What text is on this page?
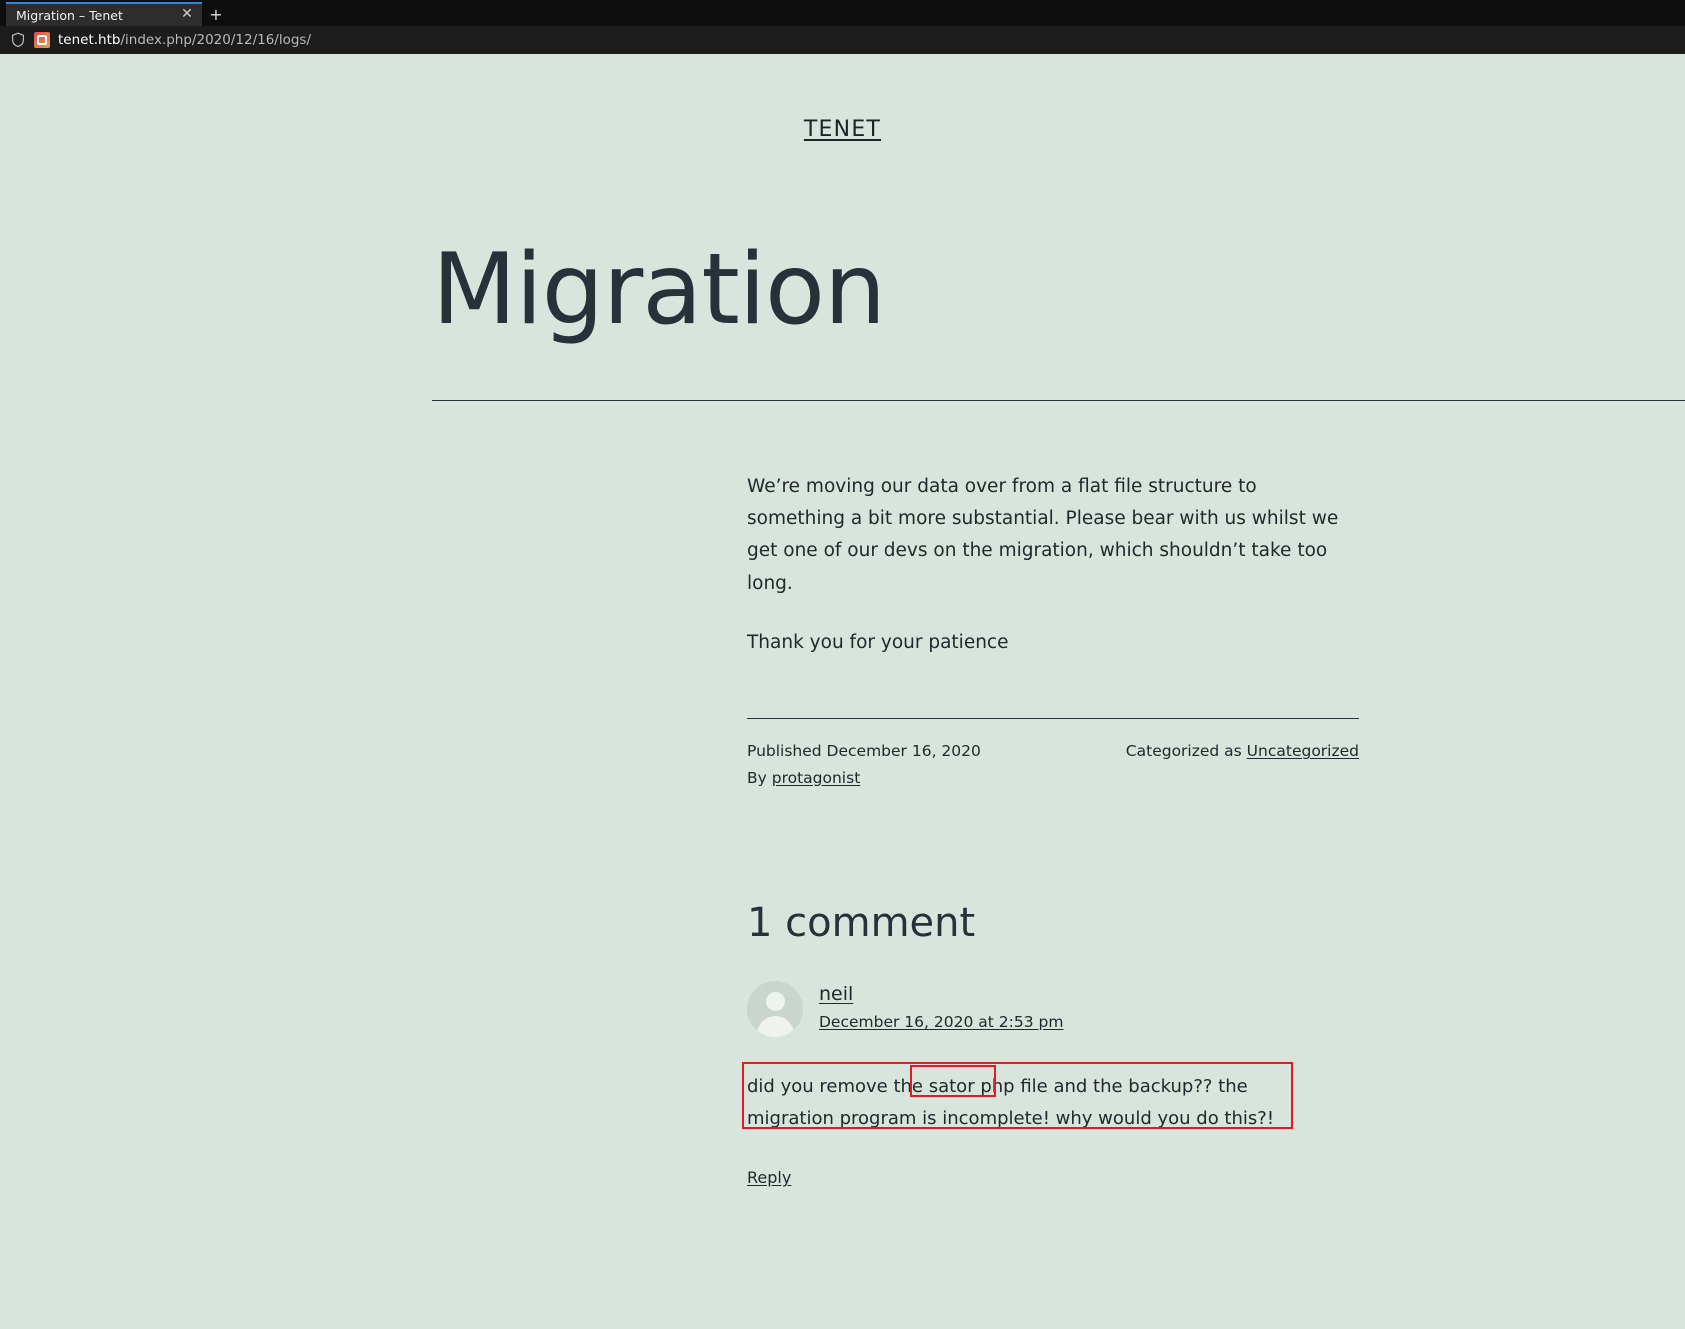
Migration – Tenet	✕	+
tenet.htb/index.php/2020/12/16/logs/
TENET
Migration

We’re moving our data over from a flat file structure to something a bit more substantial. Please bear with us whilst we get one of our devs on the migration, which shouldn’t take too long.

Thank you for your patience

Published December 16, 2020
By protagonist
Categorized as Uncategorized
1 comment
neil
December 16, 2020 at 2:53 pm
did you remove the sator php file and the backup?? the migration program is incomplete! why would you do this?!
Reply
